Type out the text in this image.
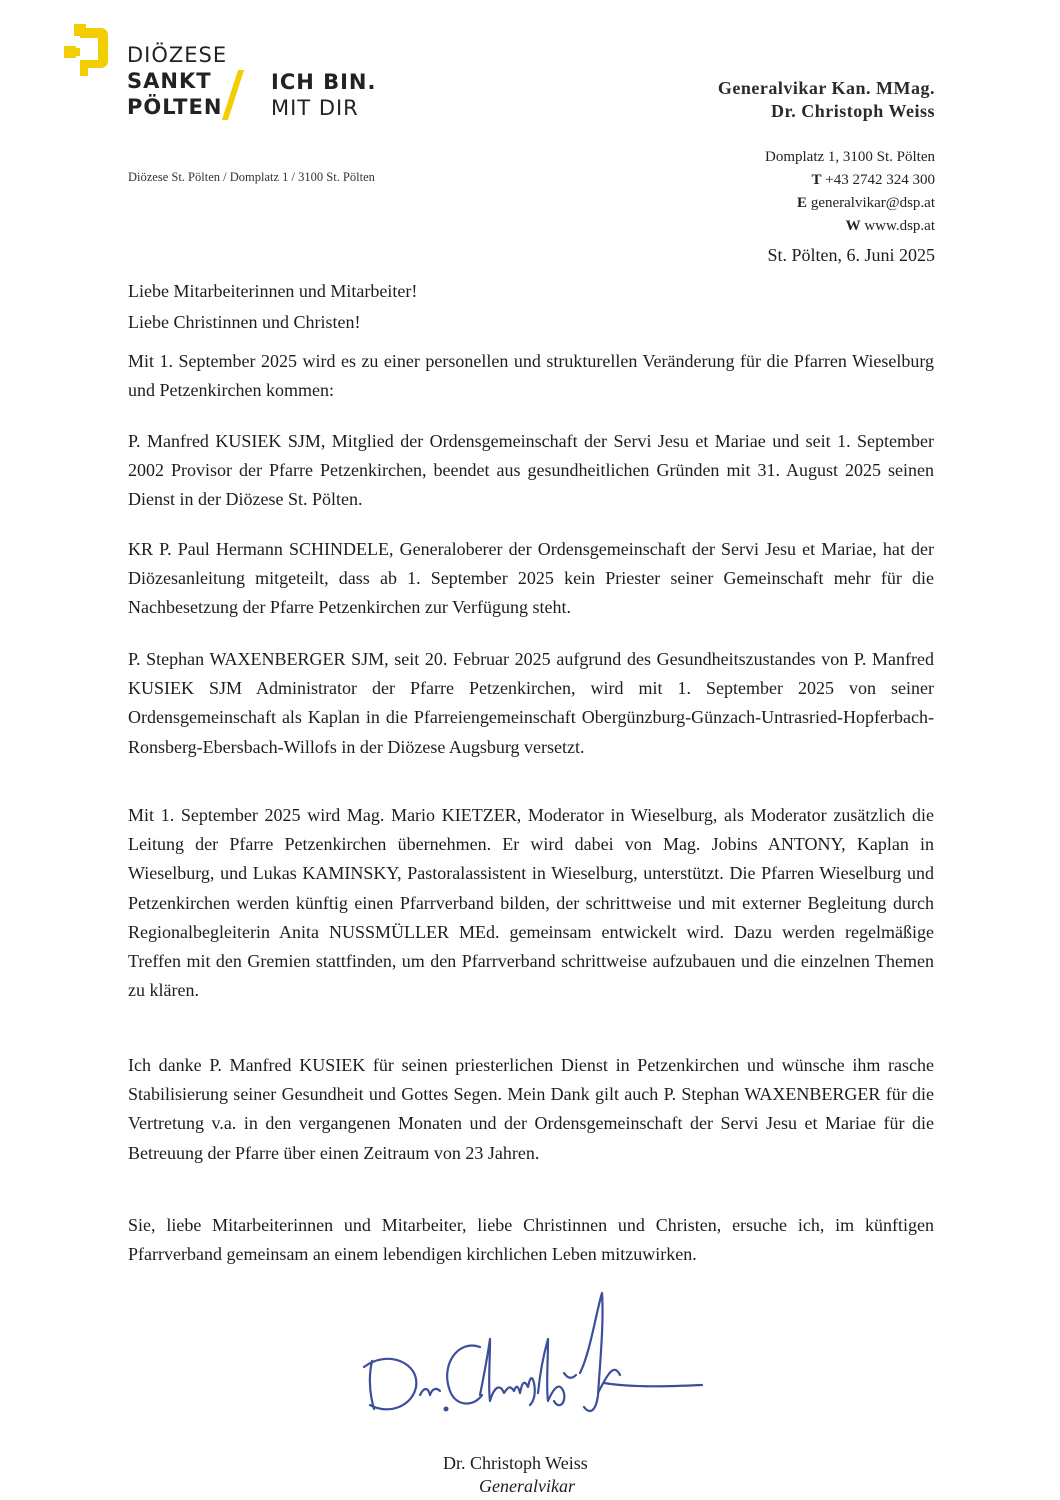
DIÖZESE
SANKT
PÖLTEN
ICH BIN.
MIT DIR
Generalvikar Kan. MMag.
Dr. Christoph Weiss
Diözese St. Pölten / Domplatz 1 / 3100 St. Pölten
Domplatz 1, 3100 St. Pölten
T +43 2742 324 300
E generalvikar@dsp.at
W www.dsp.at
St. Pölten, 6. Juni 2025
Liebe Mitarbeiterinnen und Mitarbeiter!
Liebe Christinnen und Christen!
Mit 1. September 2025 wird es zu einer personellen und strukturellen Veränderung für die Pfarren Wieselburg und Petzenkirchen kommen:
P. Manfred KUSIEK SJM, Mitglied der Ordensgemeinschaft der Servi Jesu et Mariae und seit 1. September 2002 Provisor der Pfarre Petzenkirchen, beendet aus gesundheitlichen Gründen mit 31. August 2025 seinen Dienst in der Diözese St. Pölten.
KR P. Paul Hermann SCHINDELE, Generaloberer der Ordensgemeinschaft der Servi Jesu et Mariae, hat der Diözesanleitung mitgeteilt, dass ab 1. September 2025 kein Priester seiner Gemeinschaft mehr für die Nachbesetzung der Pfarre Petzenkirchen zur Verfügung steht.
P. Stephan WAXENBERGER SJM, seit 20. Februar 2025 aufgrund des Gesundheitszustandes von P. Manfred KUSIEK SJM Administrator der Pfarre Petzenkirchen, wird mit 1. September 2025 von seiner Ordensgemeinschaft als Kaplan in die Pfarreiengemeinschaft Obergünzburg-Günzach-Untrasried-Hopferbach-Ronsberg-Ebersbach-Willofs in der Diözese Augsburg versetzt.
Mit 1. September 2025 wird Mag. Mario KIETZER, Moderator in Wieselburg, als Moderator zusätzlich die Leitung der Pfarre Petzenkirchen übernehmen. Er wird dabei von Mag. Jobins ANTONY, Kaplan in Wieselburg, und Lukas KAMINSKY, Pastoralassistent in Wieselburg, unterstützt. Die Pfarren Wieselburg und Petzenkirchen werden künftig einen Pfarrverband bilden, der schrittweise und mit externer Begleitung durch Regionalbegleiterin Anita NUSSMÜLLER MEd. gemeinsam entwickelt wird. Dazu werden regelmäßige Treffen mit den Gremien stattfinden, um den Pfarrverband schrittweise aufzubauen und die einzelnen Themen zu klären.
Ich danke P. Manfred KUSIEK für seinen priesterlichen Dienst in Petzenkirchen und wünsche ihm rasche Stabilisierung seiner Gesundheit und Gottes Segen. Mein Dank gilt auch P. Stephan WAXENBERGER für die Vertretung v.a. in den vergangenen Monaten und der Ordensgemeinschaft der Servi Jesu et Mariae für die Betreuung der Pfarre über einen Zeitraum von 23 Jahren.
Sie, liebe Mitarbeiterinnen und Mitarbeiter, liebe Christinnen und Christen, ersuche ich, im künftigen Pfarrverband gemeinsam an einem lebendigen kirchlichen Leben mitzuwirken.
Dr. Christoph Weiss
Generalvikar
